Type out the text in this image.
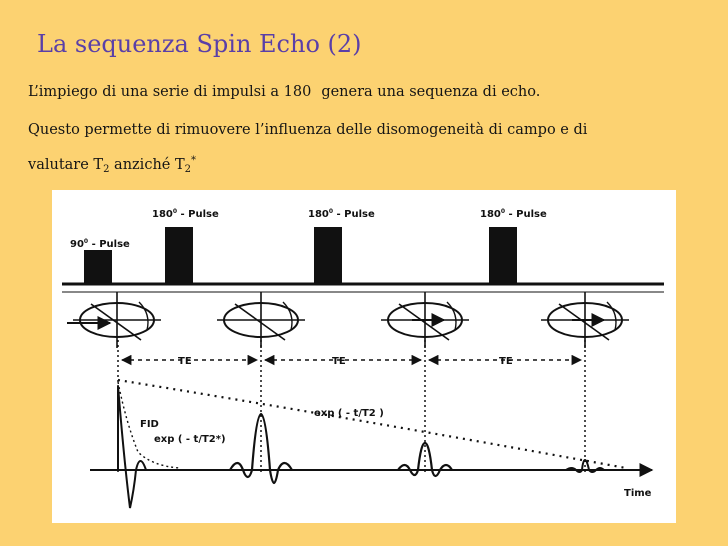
La sequenza Spin Echo (2)
L’impiego di una serie di impulsi a 180 genera una sequenza di echo.
Questo permette di rimuovere l’influenza delle disomogeneità di campo e di
valutare $T_2$ anziché $T_2^*$
$90^0$ - Pulse
$180^0$ - Pulse	$180^0$ - Pulse	$180^0$ - Pulse
TE	TE	TE
Time
exp ( - t/T2 )
FID
exp ( - t/T2*)
